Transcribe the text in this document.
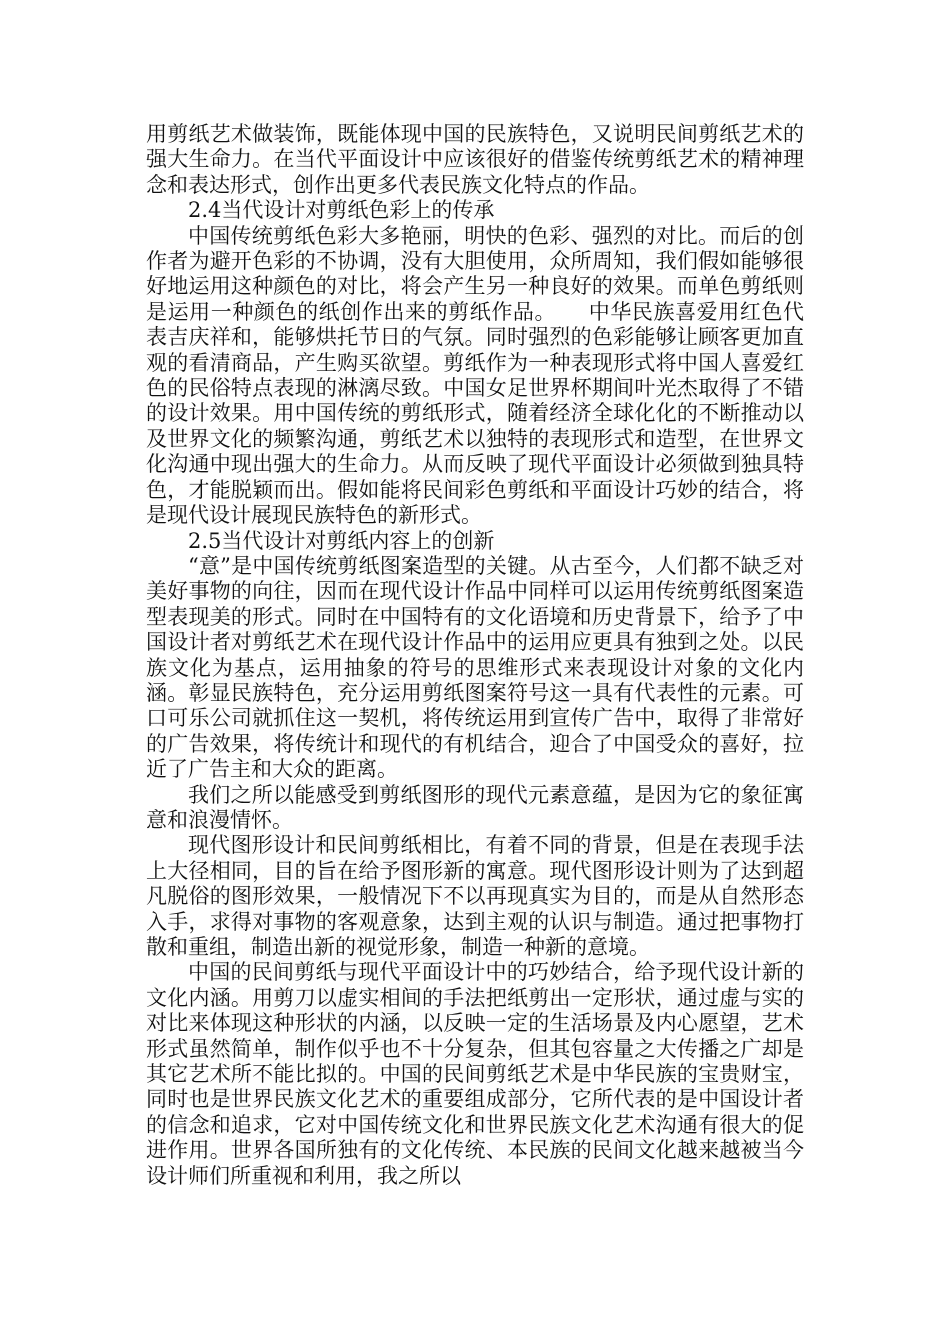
用剪纸艺术做装饰，既能体现中国的民族特色，又说明民间剪纸艺术的强大生命力。在当代平面设计中应该很好的借鉴传统剪纸艺术的精神理念和表达形式，创作出更多代表民族文化特点的作品。

2.4当代设计对剪纸色彩上的传承

中国传统剪纸色彩大多艳丽，明快的色彩、强烈的对比。而后的创作者为避开色彩的不协调，没有大胆使用，众所周知，我们假如能够很好地运用这种颜色的对比，将会产生另一种良好的效果。而单色剪纸则是运用一种颜色的纸创作出来的剪纸作品。　　中华民族喜爱用红色代表吉庆祥和，能够烘托节日的气氛。同时强烈的色彩能够让顾客更加直观的看清商品，产生购买欲望。剪纸作为一种表现形式将中国人喜爱红色的民俗特点表现的淋漓尽致。中国女足世界杯期间叶光杰取得了不错的设计效果。用中国传统的剪纸形式，随着经济全球化化的不断推动以及世界文化的频繁沟通，剪纸艺术以独特的表现形式和造型，在世界文化沟通中现出强大的生命力。从而反映了现代平面设计必须做到独具特色，才能脱颖而出。假如能将民间彩色剪纸和平面设计巧妙的结合，将是现代设计展现民族特色的新形式。

2.5当代设计对剪纸内容上的创新

“意”是中国传统剪纸图案造型的关键。从古至今，人们都不缺乏对美好事物的向往，因而在现代设计作品中同样可以运用传统剪纸图案造型表现美的形式。同时在中国特有的文化语境和历史背景下，给予了中国设计者对剪纸艺术在现代设计作品中的运用应更具有独到之处。以民族文化为基点，运用抽象的符号的思维形式来表现设计对象的文化内涵。彰显民族特色，充分运用剪纸图案符号这一具有代表性的元素。可口可乐公司就抓住这一契机，将传统运用到宣传广告中，取得了非常好的广告效果，将传统计和现代的有机结合，迎合了中国受众的喜好，拉近了广告主和大众的距离。

我们之所以能感受到剪纸图形的现代元素意蕴，是因为它的象征寓意和浪漫情怀。

现代图形设计和民间剪纸相比，有着不同的背景，但是在表现手法上大径相同，目的旨在给予图形新的寓意。现代图形设计则为了达到超凡脱俗的图形效果，一般情况下不以再现真实为目的，而是从自然形态入手，求得对事物的客观意象，达到主观的认识与制造。通过把事物打散和重组，制造出新的视觉形象，制造一种新的意境。

中国的民间剪纸与现代平面设计中的巧妙结合，给予现代设计新的文化内涵。用剪刀以虚实相间的手法把纸剪出一定形状，通过虚与实的对比来体现这种形状的内涵，以反映一定的生活场景及内心愿望，艺术形式虽然简单，制作似乎也不十分复杂，但其包容量之大传播之广却是其它艺术所不能比拟的。中国的民间剪纸艺术是中华民族的宝贵财宝，同时也是世界民族文化艺术的重要组成部分，它所代表的是中国设计者的信念和追求，它对中国传统文化和世界民族文化艺术沟通有很大的促进作用。世界各国所独有的文化传统、本民族的民间文化越来越被当今设计师们所重视和利用，我之所以
